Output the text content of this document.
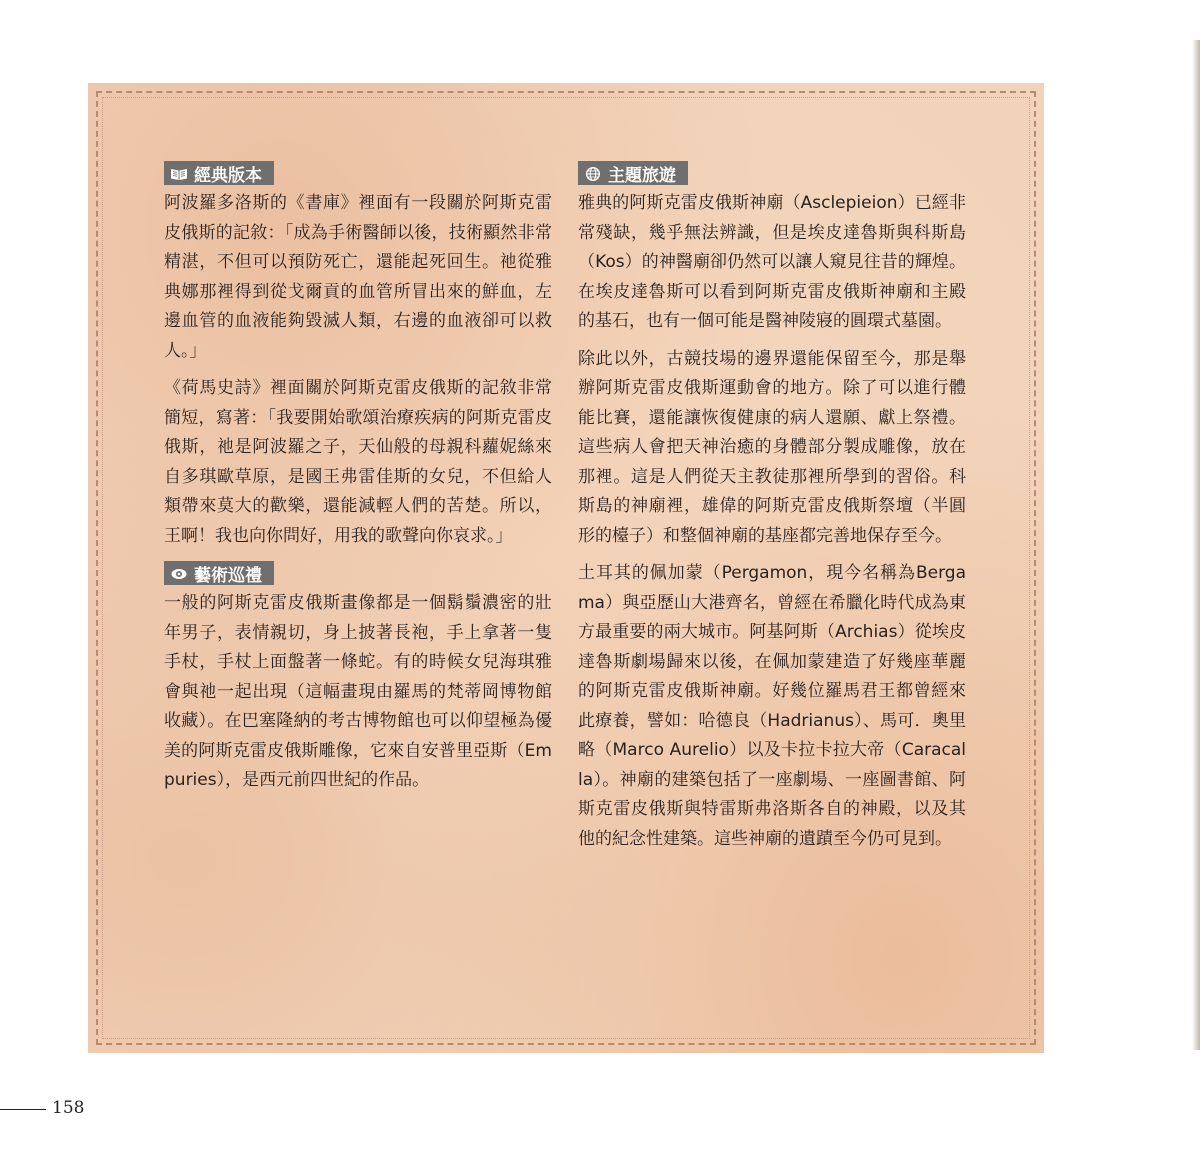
經典版本

阿波羅多洛斯的《書庫》裡面有一段關於阿斯克雷皮俄斯的記敘：「成為手術醫師以後，技術顯然非常精湛，不但可以預防死亡，還能起死回生。祂從雅典娜那裡得到從戈爾貢的血管所冒出來的鮮血，左邊血管的血液能夠毀滅人類，右邊的血液卻可以救人。」

《荷馬史詩》裡面關於阿斯克雷皮俄斯的記敘非常簡短，寫著：「我要開始歌頌治療疾病的阿斯克雷皮俄斯，祂是阿波羅之子，天仙般的母親科蘿妮絲來自多琪歐草原，是國王弗雷佳斯的女兒，不但給人類帶來莫大的歡樂，還能減輕人們的苦楚。所以，王啊！我也向你問好，用我的歌聲向你哀求。」

藝術巡禮

一般的阿斯克雷皮俄斯畫像都是一個鬍鬚濃密的壯年男子，表情親切，身上披著長袍，手上拿著一隻手杖，手杖上面盤著一條蛇。有的時候女兒海琪雅會與祂一起出現（這幅畫現由羅馬的梵蒂岡博物館收藏）。在巴塞隆納的考古博物館也可以仰望極為優美的阿斯克雷皮俄斯雕像，它來自安普里亞斯（Empuries），是西元前四世紀的作品。

主題旅遊

雅典的阿斯克雷皮俄斯神廟（Asclepieion）已經非常殘缺，幾乎無法辨識，但是埃皮達魯斯與科斯島（Kos）的神醫廟卻仍然可以讓人窺見往昔的輝煌。在埃皮達魯斯可以看到阿斯克雷皮俄斯神廟和主殿的基石，也有一個可能是醫神陵寢的圓環式墓園。

除此以外，古競技場的邊界還能保留至今，那是舉辦阿斯克雷皮俄斯運動會的地方。除了可以進行體能比賽，還能讓恢復健康的病人還願、獻上祭禮。這些病人會把天神治癒的身體部分製成雕像，放在那裡。這是人們從天主教徒那裡所學到的習俗。科斯島的神廟裡，雄偉的阿斯克雷皮俄斯祭壇（半圓形的檯子）和整個神廟的基座都完善地保存至今。

土耳其的佩加蒙（Pergamon，現今名稱為Bergama）與亞歷山大港齊名，曾經在希臘化時代成為東方最重要的兩大城市。阿基阿斯（Archias）從埃皮達魯斯劇場歸來以後，在佩加蒙建造了好幾座華麗的阿斯克雷皮俄斯神廟。好幾位羅馬君王都曾經來此療養，譬如：哈德良（Hadrianus）、馬可．奧里略（Marco Aurelio）以及卡拉卡拉大帝（Caracalla）。神廟的建築包括了一座劇場、一座圖書館、阿斯克雷皮俄斯與特雷斯弗洛斯各自的神殿，以及其他的紀念性建築。這些神廟的遺蹟至今仍可見到。

158
